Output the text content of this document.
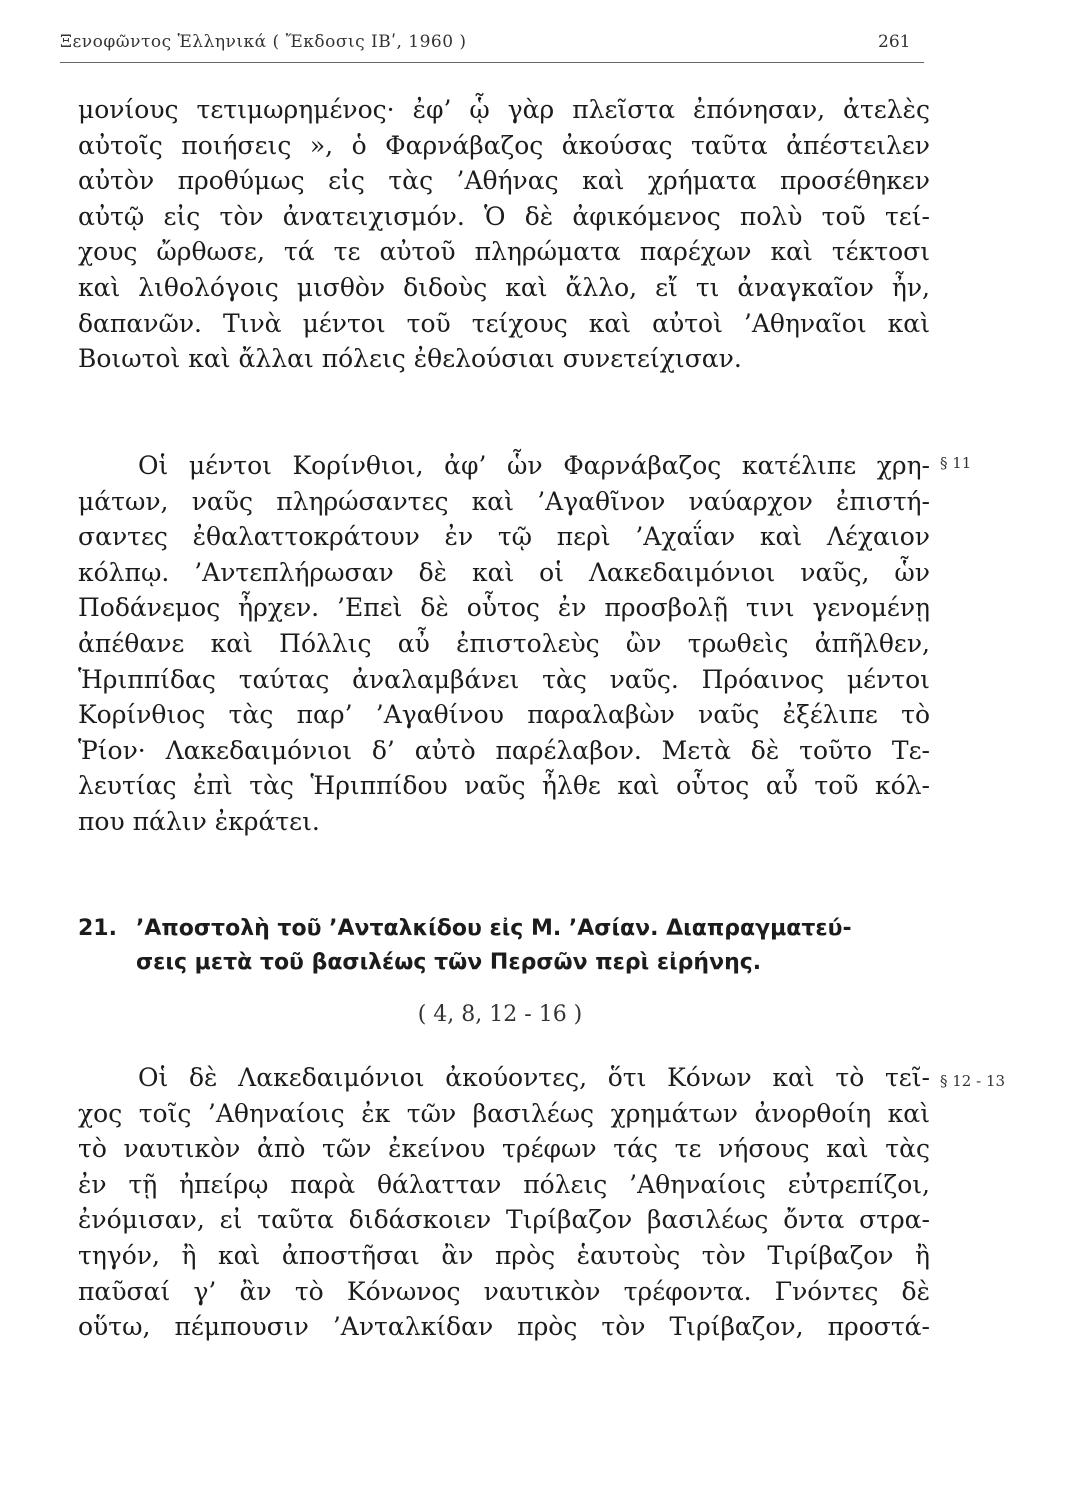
Ξενοφῶντος Ἑλληνικά ( Ἔκδοσις ΙΒʹ, 1960 )	261
μονίους τετιμωρημένος· ἐφ’ ᾧ γὰρ πλεῖστα ἐπόνησαν, ἀτελὲς
αὐτοῖς ποιήσεις », ὁ Φαρνάβαζος ἀκούσας ταῦτα ἀπέστειλεν
αὐτὸν προθύμως εἰς τὰς ’Αθήνας καὶ χρήματα προσέθηκεν
αὐτῷ εἰς τὸν ἀνατειχισμόν. Ὁ δὲ ἀφικόμενος πολὺ τοῦ τεί-
χους ὤρθωσε, τά τε αὐτοῦ πληρώματα παρέχων καὶ τέκτοσι
καὶ λιθολόγοις μισθὸν διδοὺς καὶ ἄλλο, εἴ τι ἀναγκαῖον ἦν,
δαπανῶν. Τινὰ μέντοι τοῦ τείχους καὶ αὐτοὶ ’Αθηναῖοι καὶ
Βοιωτοὶ καὶ ἄλλαι πόλεις ἐθελούσιαι συνετείχισαν.
§ 11
Οἱ μέντοι Κορίνθιοι, ἀφ’ ὧν Φαρνάβαζος κατέλιπε χρη-
μάτων, ναῦς πληρώσαντες καὶ ’Αγαθῖνον ναύαρχον ἐπιστή-
σαντες ἐθαλαττοκράτουν ἐν τῷ περὶ ’Αχαΐαν καὶ Λέχαιον
κόλπῳ. ’Αντεπλήρωσαν δὲ καὶ οἱ Λακεδαιμόνιοι ναῦς, ὧν
Ποδάνεμος ἦρχεν. ’Επεὶ δὲ οὗτος ἐν προσβολῇ τινι γενομένῃ
ἀπέθανε καὶ Πόλλις αὖ ἐπιστολεὺς ὢν τρωθεὶς ἀπῆλθεν,
Ἡριππίδας ταύτας ἀναλαμβάνει τὰς ναῦς. Πρόαινος μέντοι
Κορίνθιος τὰς παρ’ ’Αγαθίνου παραλαβὼν ναῦς ἐξέλιπε τὸ
Ῥίον· Λακεδαιμόνιοι δ’ αὐτὸ παρέλαβον. Μετὰ δὲ τοῦτο Τε-
λευτίας ἐπὶ τὰς Ἡριππίδου ναῦς ἦλθε καὶ οὗτος αὖ τοῦ κόλ-
που πάλιν ἐκράτει.
21. ’Αποστολὴ τοῦ ’Ανταλκίδου εἰς Μ. ’Ασίαν. Διαπραγματεύ-
σεις μετὰ τοῦ βασιλέως τῶν Περσῶν περὶ εἰρήνης.
( 4, 8, 12 - 16 )
Οἱ δὲ Λακεδαιμόνιοι ἀκούοντες, ὅτι Κόνων καὶ τὸ τεῖ-
χος τοῖς ’Αθηναίοις ἐκ τῶν βασιλέως χρημάτων ἀνορθοίη καὶ
τὸ ναυτικὸν ἀπὸ τῶν ἐκείνου τρέφων τάς τε νήσους καὶ τὰς
ἐν τῇ ἠπείρῳ παρὰ θάλατταν πόλεις ’Αθηναίοις εὐτρεπίζοι,
ἐνόμισαν, εἰ ταῦτα διδάσκοιεν Τιρίβαζον βασιλέως ὄντα στρα-
τηγόν, ἢ καὶ ἀποστῆσαι ἂν πρὸς ἑαυτοὺς τὸν Τιρίβαζον ἢ
παῦσαί γ’ ἂν τὸ Κόνωνος ναυτικὸν τρέφοντα. Γνόντες δὲ
οὕτω, πέμπουσιν ’Ανταλκίδαν πρὸς τὸν Τιρίβαζον, προστά-
§ 12 - 13
